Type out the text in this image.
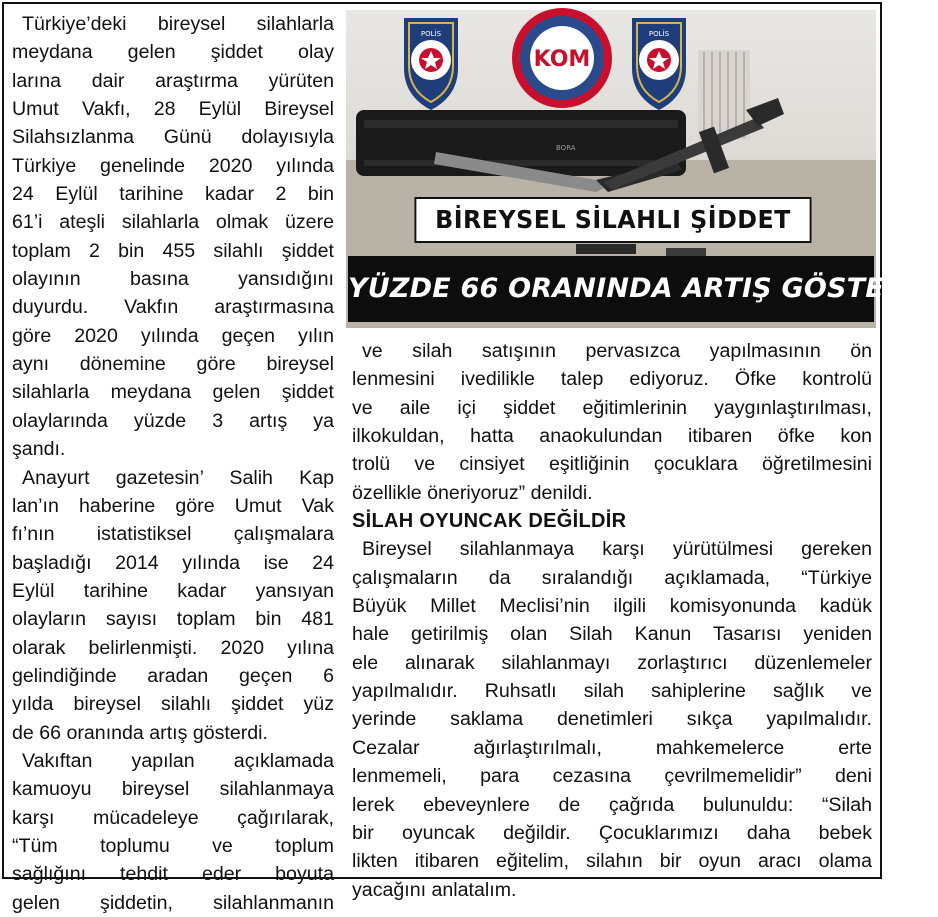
Türkiye’deki bireysel silahlarla
meydana gelen şiddet olay
larına dair araştırma yürüten
Umut Vakfı, 28 Eylül Bireysel
Silahsızlanma Günü dolayısıyla
Türkiye genelinde 2020 yılında
24 Eylül tarihine kadar 2 bin
61’i ateşli silahlarla olmak üzere
toplam 2 bin 455 silahlı şiddet
olayının basına yansıdığını
duyurdu. Vakfın araştırmasına
göre 2020 yılında geçen yılın
aynı dönemine göre bireysel
silahlarla meydana gelen şiddet
olaylarında yüzde 3 artış ya
şandı.

Anayurt gazetesin’ Salih Kap
lan’ın haberine göre Umut Vak
fı’nın istatistiksel çalışmalara
başladığı 2014 yılında ise 24
Eylül tarihine kadar yansıyan
olayların sayısı toplam bin 481
olarak belirlenmişti. 2020 yılına
gelindiğinde aradan geçen 6
yılda bireysel silahlı şiddet yüz
de 66 oranında artış gösterdi.

Vakıftan yapılan açıklamada
kamuoyu bireysel silahlanmaya
karşı mücadeleye çağırılarak,
“Tüm toplumu ve toplum
sağlığını tehdit eder boyuta
gelen şiddetin, silahlanmanın

POLİS
KOM
POLİS
BORA
BİREYSEL SİLAHLI ŞİDDET
YÜZDE 66 ORANINDA ARTIŞ GÖSTERDİ

ve silah satışının pervasızca yapılmasının ön
lenmesini ivedilikle talep ediyoruz. Öfke kontrolü
ve aile içi şiddet eğitimlerinin yaygınlaştırılması,
ilkokuldan, hatta anaokulundan itibaren öfke kon
trolü ve cinsiyet eşitliğinin çocuklara öğretilmesini
özellikle öneriyoruz” denildi.

SİLAH OYUNCAK DEĞİLDİR

Bireysel silahlanmaya karşı yürütülmesi gereken
çalışmaların da sıralandığı açıklamada, “Türkiye
Büyük Millet Meclisi’nin ilgili komisyonunda kadük
hale getirilmiş olan Silah Kanun Tasarısı yeniden
ele alınarak silahlanmayı zorlaştırıcı düzenlemeler
yapılmalıdır. Ruhsatlı silah sahiplerine sağlık ve
yerinde saklama denetimleri sıkça yapılmalıdır.
Cezalar ağırlaştırılmalı, mahkemelerce erte
lenmemeli, para cezasına çevrilmemelidir” deni
lerek ebeveynlere de çağrıda bulunuldu: “Silah
bir oyuncak değildir. Çocuklarımızı daha bebek
likten itibaren eğitelim, silahın bir oyun aracı olama
yacağını anlatalım.
